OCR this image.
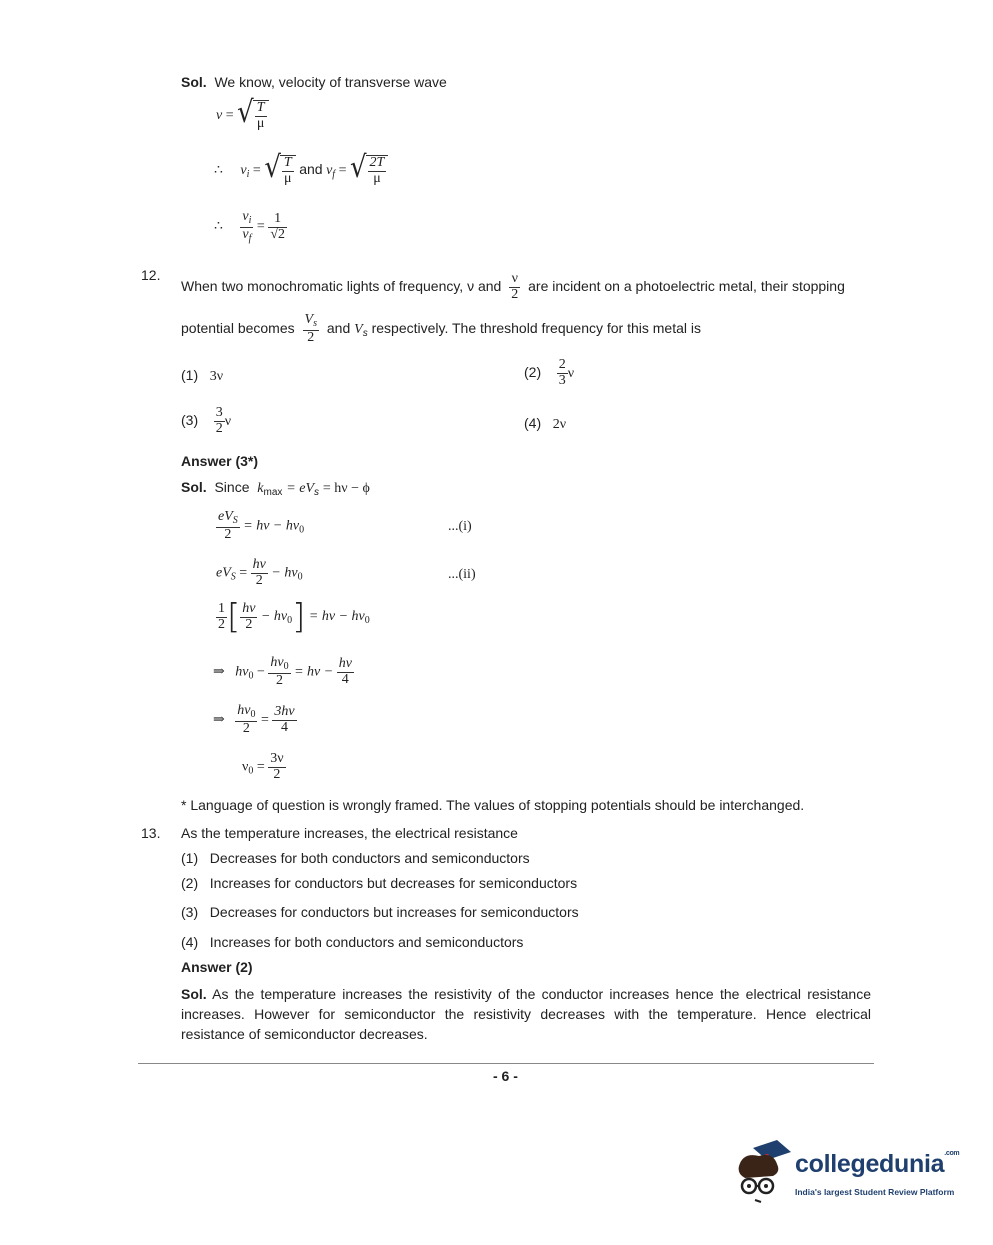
Sol. We know, velocity of transverse wave
v = √ $\frac{T}{\mu}$
∴ $v_i$ = √ $\frac{T}{\mu}$ and $v_f$ = √ $\frac{2T}{\mu}$
∴ $\frac{v_i}{v_f} = \frac{1}{√2}$
12.
When two monochromatic lights of frequency, ν and $\frac{\nu}{2}$ are incident on a photoelectric metal, their stopping
potential becomes $\frac{V_s}{2}$ and $V_s$ respectively. The threshold frequency for this metal is
(1) 3ν	$(2) \frac{2}{3}$ ν
$(3) \frac{3}{2}$ ν	(4) 2ν
Answer (3*)
Sol. Since $k_{max} = eV_s = h\nu - \phi$
$\frac{eV_S}{2} = h\nu - h\nu_0$	...(i)
$eV_S = \frac{h\nu}{2} - h\nu_0$	...(ii)
$\frac{1}{2}$ [ $\frac{h\nu}{2} - h\nu_0] = h\nu - h\nu_0$
⇒ $h\nu_0 - \frac{h\nu_0}{2} = h\nu - \frac{h\nu}{4}$
⇒ $\frac{h\nu_0}{2} = \frac{3h\nu}{4}$
$\nu_0 = \frac{3\nu}{2}$
* Language of question is wrongly framed. The values of stopping potentials should be interchanged.
13. As the temperature increases, the electrical resistance
(1) Decreases for both conductors and semiconductors
(2) Increases for conductors but decreases for semiconductors
(3) Decreases for conductors but increases for semiconductors
(4) Increases for both conductors and semiconductors
Answer (2)
Sol. As the temperature increases the resistivity of the conductor increases hence the electrical resistance
increases. However for semiconductor the resistivity decreases with the temperature. Hence electrical
resistance of semiconductor decreases.
- 6 -
collegedunia$^{.com}$
India's largest Student Review Platform
